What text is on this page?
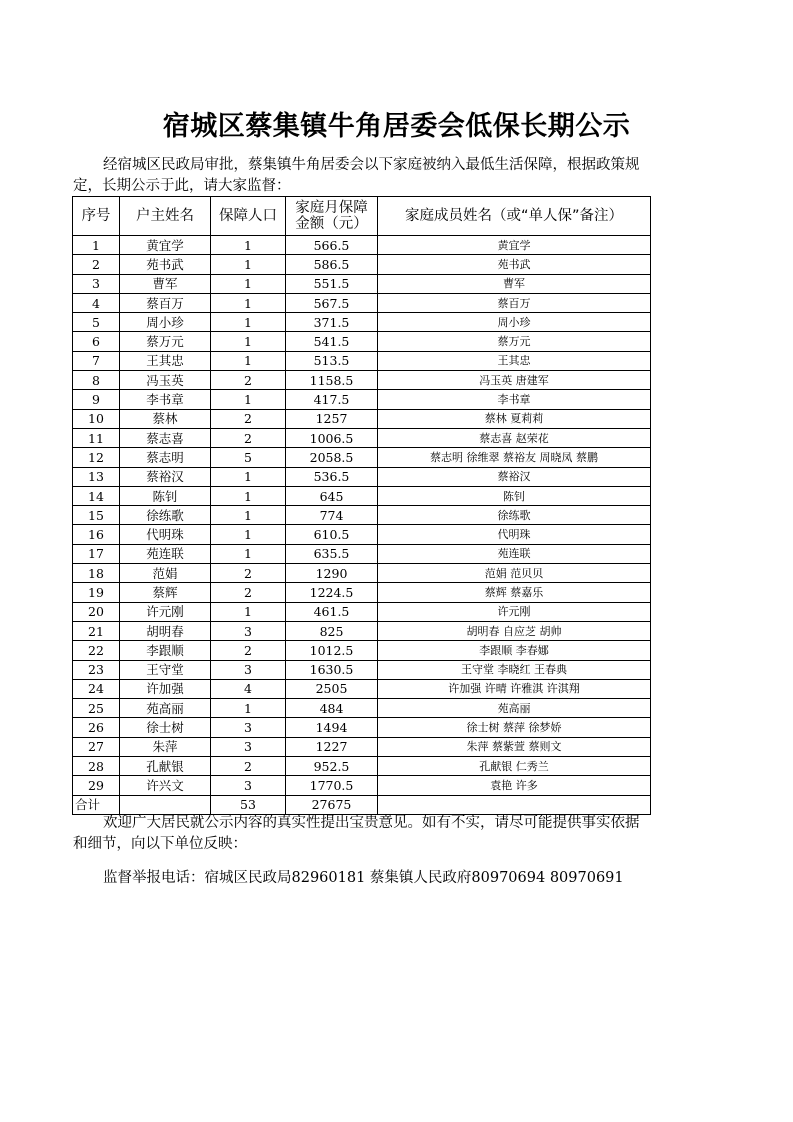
宿城区蔡集镇牛角居委会低保长期公示
经宿城区民政局审批，蔡集镇牛角居委会以下家庭被纳入最低生活保障，根据政策规定，长期公示于此，请大家监督：
序号	户主姓名	保障人口	家庭月保障
金额（元）	家庭成员姓名（或“单人保”备注）
1	黄宜学	1	566.5	黄宜学
2	苑书武	1	586.5	苑书武
3	曹军	1	551.5	曹军
4	蔡百万	1	567.5	蔡百万
5	周小珍	1	371.5	周小珍
6	蔡万元	1	541.5	蔡万元
7	王其忠	1	513.5	王其忠
8	冯玉英	2	1158.5	冯玉英 唐建军
9	李书章	1	417.5	李书章
10	蔡林	2	1257	蔡林 夏莉莉
11	蔡志喜	2	1006.5	蔡志喜 赵荣花
12	蔡志明	5	2058.5	蔡志明 徐维翠 蔡裕友 周晓凤 蔡鹏
13	蔡裕汉	1	536.5	蔡裕汉
14	陈钊	1	645	陈钊
15	徐练歌	1	774	徐练歌
16	代明珠	1	610.5	代明珠
17	苑连联	1	635.5	苑连联
18	范娟	2	1290	范娟 范贝贝
19	蔡辉	2	1224.5	蔡辉 蔡嘉乐
20	许元刚	1	461.5	许元刚
21	胡明春	3	825	胡明春 自应芝 胡帅
22	李跟顺	2	1012.5	李跟顺 李春娜
23	王守堂	3	1630.5	王守堂 李晓红 王春典
24	许加强	4	2505	许加强 许晴 许雅淇 许淇翔
25	苑高丽	1	484	苑高丽
26	徐士树	3	1494	徐士树 蔡萍 徐梦娇
27	朱萍	3	1227	朱萍 蔡紫萱 蔡则文
28	孔献银	2	952.5	孔献银 仁秀兰
29	许兴文	3	1770.5	袁艳 许多
合计		53	27675	
欢迎广大居民就公示内容的真实性提出宝贵意见。如有不实，请尽可能提供事实依据和细节，向以下单位反映：
监督举报电话：宿城区民政局82960181 蔡集镇人民政府80970694 80970691
